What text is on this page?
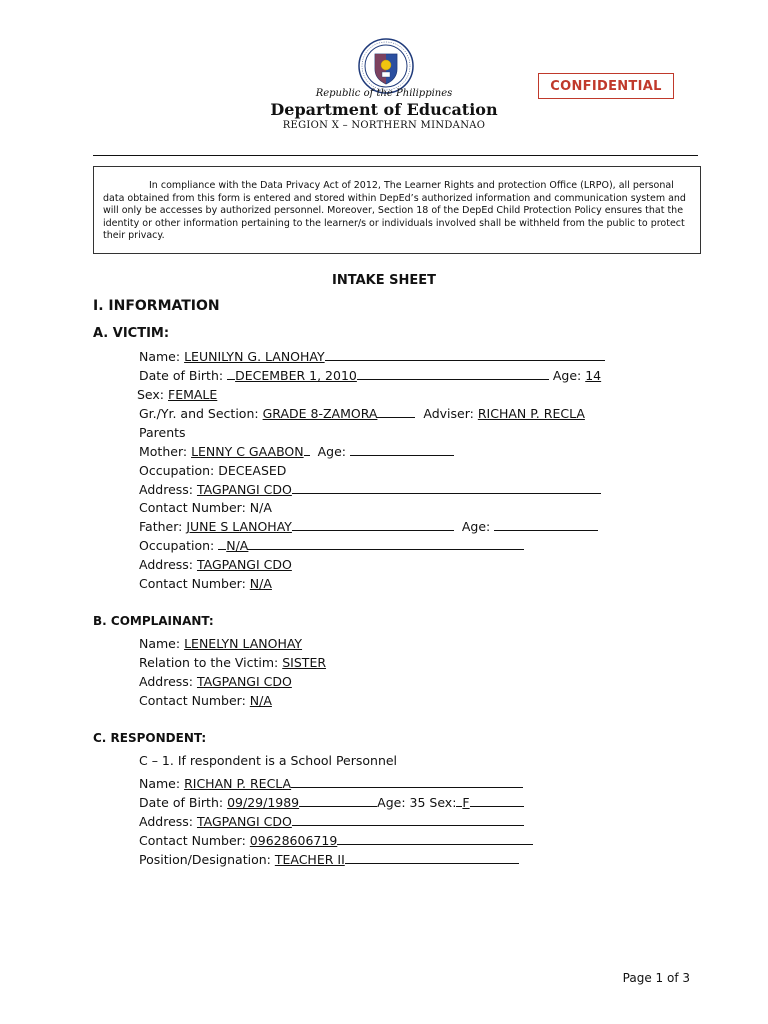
Republic of the Philippines
Department of Education
REGION X – NORTHERN MINDANAO
CONFIDENTIAL

In compliance with the Data Privacy Act of 2012, The Learner Rights and protection Office (LRPO), all personal data obtained from this form is entered and stored within DepEd’s authorized information and communication system and will only be accesses by authorized personnel. Moreover, Section 18 of the DepEd Child Protection Policy ensures that the identity or other information pertaining to the learner/s or individuals involved shall be withheld from the public to protect their privacy.

INTAKE SHEET
I. INFORMATION
A. VICTIM:
Name: LEUNILYN G. LANOHAY
Date of Birth: DECEMBER 1, 2010	Age: 14
Sex: FEMALE
Gr./Yr. and Section: GRADE 8-ZAMORA	Adviser: RICHAN P. RECLA
Parents
Mother: LENNY C GAABON Age:
Occupation: DECEASED
Address: TAGPANGI CDO
Contact Number: N/A
Father: JUNE S LANOHAY	Age:
Occupation: N/A
Address: TAGPANGI CDO
Contact Number: N/A
B. COMPLAINANT:
Name: LENELYN LANOHAY
Relation to the Victim: SISTER
Address: TAGPANGI CDO
Contact Number: N/A
C. RESPONDENT:
C – 1. If respondent is a School Personnel
Name: RICHAN P. RECLA
Date of Birth: 09/29/1989	Age: 35 Sex: F
Address: TAGPANGI CDO
Contact Number: 09628606719
Position/Designation: TEACHER II
Page 1 of 3
